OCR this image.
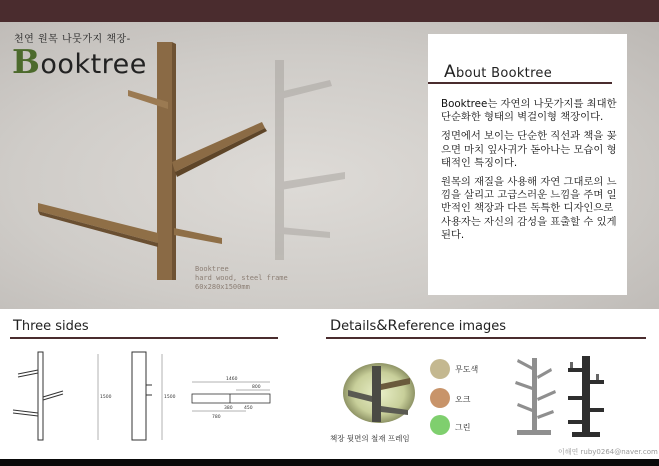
천연 원목 나뭇가지 책장-
Booktree
Booktree
hard wood, steel frame
60x280x1500mm
About Booktree

Booktree는 자연의 나뭇가지를 최대한 단순화한 형태의 벽걸이형 책장이다.

정면에서 보이는 단순한 직선과 책을 꽂으면 마치 잎사귀가 돋아나는 모습이 형태적인 특징이다.

원목의 재질을 사용해 자연 그대로의 느낌을 살리고 고급스러운 느낌을 주며 일반적인 책장과 다른 독특한 디자인으로 사용자는 자신의 감성을 표출할 수 있게 된다.

Three sides
1500	1500
1460
800
380	450
780
Details&Reference images
책장 뒷면의 철재 프레임
무도색
오크
그린
이해연 ruby0264@naver.com
